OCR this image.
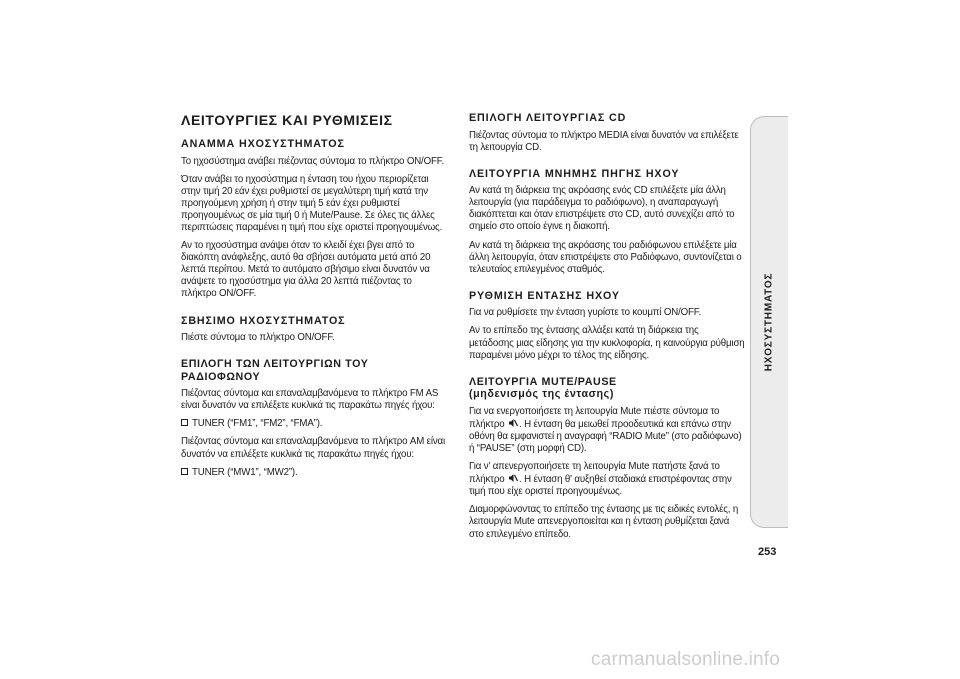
ΛΕΙΤΟΥΡΓΙΕΣ ΚΑΙ ΡΥΘΜΙΣΕΙΣ
ΑΝΑΜΜΑ ΗΧΟΣΥΣΤΗΜΑΤΟΣ
Το ηχοσύστημα ανάβει πιέζοντας σύντομα το πλήκτρο ON/OFF.
Όταν ανάβει το ηχοσύστημα η ένταση του ήχου περιορίζεται στην τιμή 20 εάν έχει ρυθμιστεί σε μεγαλύτερη τιμή κατά την προηγούμενη χρήση ή στην τιμή 5 εάν έχει ρυθμιστεί προηγουμένως σε μία τιμή 0 ή Mute/Pause. Σε όλες τις άλλες περιπτώσεις παραμένει η τιμή που είχε οριστεί προηγουμένως.
Αν το ηχοσύστημα ανάψει όταν το κλειδί έχει βγει από το διακόπτη ανάφλεξης, αυτό θα σβήσει αυτόματα μετά από 20 λεπτά περίπου. Μετά το αυτόματο σβήσιμο είναι δυνατόν να ανάψετε το ηχοσύστημα για άλλα 20 λεπτά πιέζοντας το πλήκτρο ON/OFF.
ΣΒΗΣΙΜΟ ΗΧΟΣΥΣΤΗΜΑΤΟΣ
Πιέστε σύντομα το πλήκτρο ON/OFF.
ΕΠΙΛΟΓΗ ΤΩΝ ΛΕΙΤΟΥΡΓΙΩΝ ΤΟΥ
ΡΑΔΙΟΦΩΝΟΥ
Πιέζοντας σύντομα και επαναλαμβανόμενα το πλήκτρο FM AS είναι δυνατόν να επιλέξετε κυκλικά τις παρακάτω πηγές ήχου:
TUNER (“FM1”, “FM2”, “FMA”).
Πιέζοντας σύντομα και επαναλαμβανόμενα το πλήκτρο AM είναι δυνατόν να επιλέξετε κυκλικά τις παρακάτω πηγές ήχου:
TUNER (“MW1”, “MW2”).
ΕΠΙΛΟΓΗ ΛΕΙΤΟΥΡΓΙΑΣ CD
Πιέζοντας σύντομα το πλήκτρο MEDIA είναι δυνατόν να επιλέξετε τη λειτουργία CD.
ΛΕΙΤΟΥΡΓΙΑ ΜΝΗΜΗΣ ΠΗΓΗΣ ΗΧΟΥ
Αν κατά τη διάρκεια της ακρόασης ενός CD επιλέξετε μία άλλη λειτουργία (για παράδειγμα το ραδιόφωνο), η αναπαραγωγή διακόπτεται και όταν επιστρέψετε στο CD, αυτό συνεχίζει από το σημείο στο οποίο έγινε η διακοπή.
Αν κατά τη διάρκεια της ακρόασης του ραδιόφωνου επιλέξετε μία άλλη λειτουργία, όταν επιστρέψετε στο Ραδιόφωνο, συντονίζεται ο τελευταίος επιλεγμένος σταθμός.
ΡΥΘΜΙΣΗ ΕΝΤΑΣΗΣ ΗΧΟΥ
Για να ρυθμίσετε την ένταση γυρίστε το κουμπί ON/OFF.
Αν το επίπεδο της έντασης αλλάξει κατά τη διάρκεια της μετάδοσης μιας είδησης για την κυκλοφορία, η καινούργια ρύθμιση παραμένει μόνο μέχρι το τέλος της είδησης.
ΛΕΙΤΟΥΡΓΙΑ MUTE/PAUSE
(μηδενισμός της έντασης)
Για να ενεργοποιήσετε τη λειτουργία Mute πιέστε σύντομα το πλήκτρο . Η ένταση θα μειωθεί προοδευτικά και επάνω στην οθόνη θα εμφανιστεί η αναγραφή “RADIO Mute” (στο ραδιόφωνο) ή “PAUSE” (στη μορφή CD).
Για ν' απενεργοποιήσετε τη λειτουργία Mute πατήστε ξανά το πλήκτρο . Η ένταση θ' αυξηθεί σταδιακά επιστρέφοντας στην τιμή που είχε οριστεί προηγουμένως.
Διαμορφώνοντας το επίπεδο της έντασης με τις ειδικές εντολές, η λειτουργία Mute απενεργοποιείται και η ένταση ρυθμίζεται ξανά στο επιλεγμένο επίπεδο.
ΗΧΟΣΥΣΤΗΜΑΤΟΣ
253
carmanualsonline.info
